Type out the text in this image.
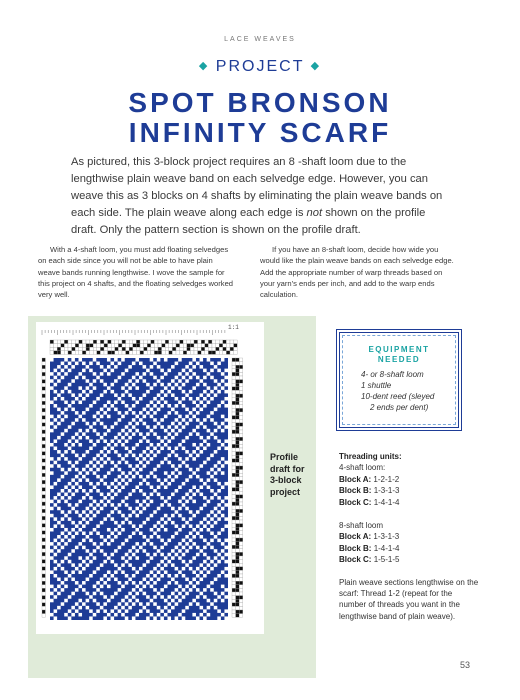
LACE WEAVES
◆ PROJECT ◆
SPOT BRONSON
INFINITY SCARF

As pictured, this 3-block project requires an 8 -shaft loom due to the lengthwise plain weave band on each selvedge edge. However, you can weave this as 3 blocks on 4 shafts by eliminating the plain weave bands on each side. The plain weave along each edge is not shown on the profile draft. Only the pattern section is shown on the profile draft.

With a 4-shaft loom, you must add floating selvedges on each side since you will not be able to have plain weave bands running lengthwise. I wove the sample for this project on 4 shafts, and the floating selvedges worked very well.

If you have an 8-shaft loom, decide how wide you would like the plain weave bands on each selvedge edge. Add the appropriate number of warp threads based on your yarn's ends per inch, and add to the warp ends calculation.

1:1
Profile
draft for
3-block
project
EQUIPMENT
NEEDED
4- or 8-shaft loom
1 shuttle
10-dent reed (sleyed
2 ends per dent)
Threading units:
4-shaft loom:
Block A: 1-2-1-2
Block B: 1-3-1-3
Block C: 1-4-1-4
8-shaft loom
Block A: 1-3-1-3
Block B: 1-4-1-4
Block C: 1-5-1-5
Plain weave sections lengthwise on the scarf: Thread 1-2 (repeat for the number of threads you want in the lengthwise band of plain weave).
53
